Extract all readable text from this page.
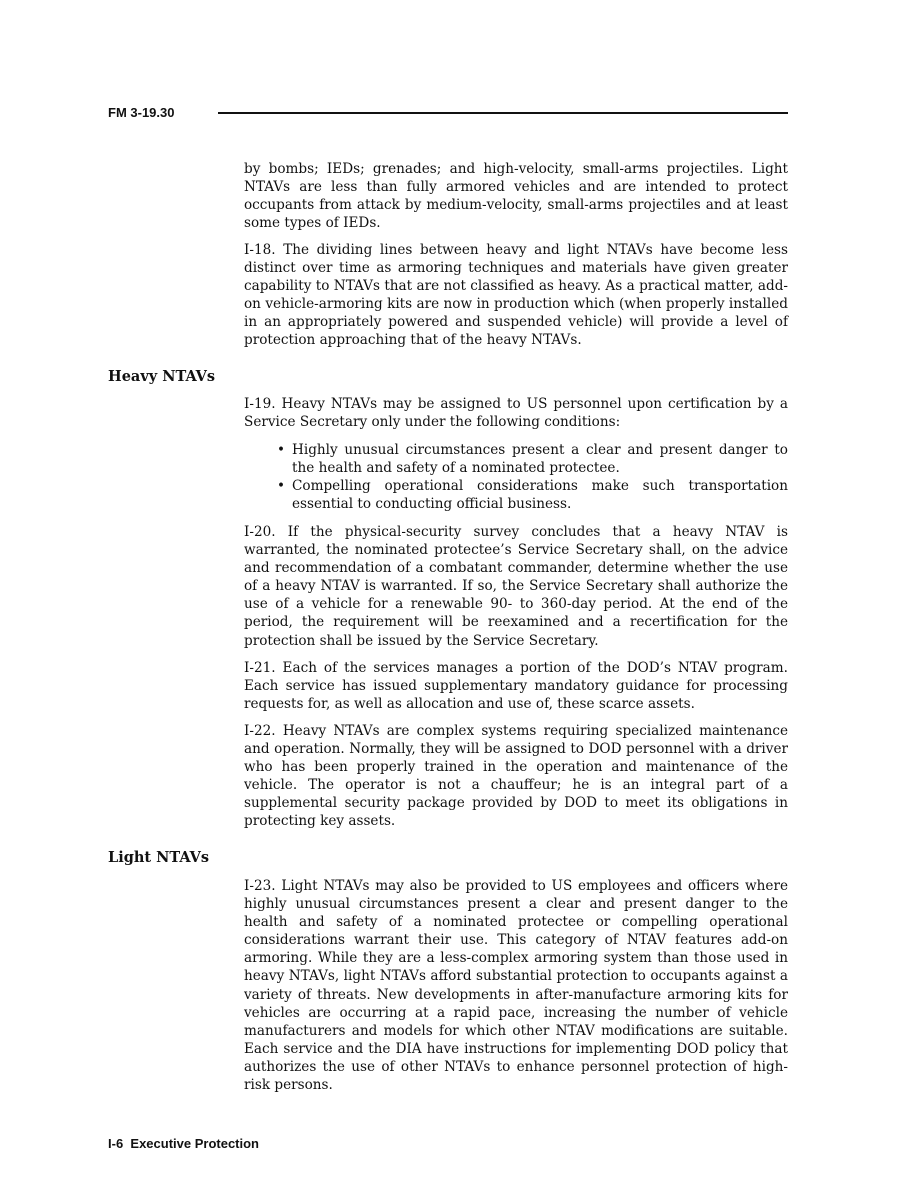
FM 3-19.30

by bombs; IEDs; grenades; and high-velocity, small-arms projectiles. Light NTAVs are less than fully armored vehicles and are intended to protect occupants from attack by medium-velocity, small-arms projectiles and at least some types of IEDs.

I-18. The dividing lines between heavy and light NTAVs have become less distinct over time as armoring techniques and materials have given greater capability to NTAVs that are not classified as heavy. As a practical matter, add-on vehicle-armoring kits are now in production which (when properly installed in an appropriately powered and suspended vehicle) will provide a level of protection approaching that of the heavy NTAVs.

Heavy NTAVs

I-19. Heavy NTAVs may be assigned to US personnel upon certification by a Service Secretary only under the following conditions:

• Highly unusual circumstances present a clear and present danger to the health and safety of a nominated protectee.
• Compelling operational considerations make such transportation essential to conducting official business.

I-20. If the physical-security survey concludes that a heavy NTAV is warranted, the nominated protectee’s Service Secretary shall, on the advice and recommendation of a combatant commander, determine whether the use of a heavy NTAV is warranted. If so, the Service Secretary shall authorize the use of a vehicle for a renewable 90- to 360-day period. At the end of the period, the requirement will be reexamined and a recertification for the protection shall be issued by the Service Secretary.

I-21. Each of the services manages a portion of the DOD’s NTAV program. Each service has issued supplementary mandatory guidance for processing requests for, as well as allocation and use of, these scarce assets.

I-22. Heavy NTAVs are complex systems requiring specialized maintenance and operation. Normally, they will be assigned to DOD personnel with a driver who has been properly trained in the operation and maintenance of the vehicle. The operator is not a chauffeur; he is an integral part of a supplemental security package provided by DOD to meet its obligations in protecting key assets.

Light NTAVs

I-23. Light NTAVs may also be provided to US employees and officers where highly unusual circumstances present a clear and present danger to the health and safety of a nominated protectee or compelling operational considerations warrant their use. This category of NTAV features add-on armoring. While they are a less-complex armoring system than those used in heavy NTAVs, light NTAVs afford substantial protection to occupants against a variety of threats. New developments in after-manufacture armoring kits for vehicles are occurring at a rapid pace, increasing the number of vehicle manufacturers and models for which other NTAV modifications are suitable. Each service and the DIA have instructions for implementing DOD policy that authorizes the use of other NTAVs to enhance personnel protection of high-risk persons.

I-6  Executive Protection
